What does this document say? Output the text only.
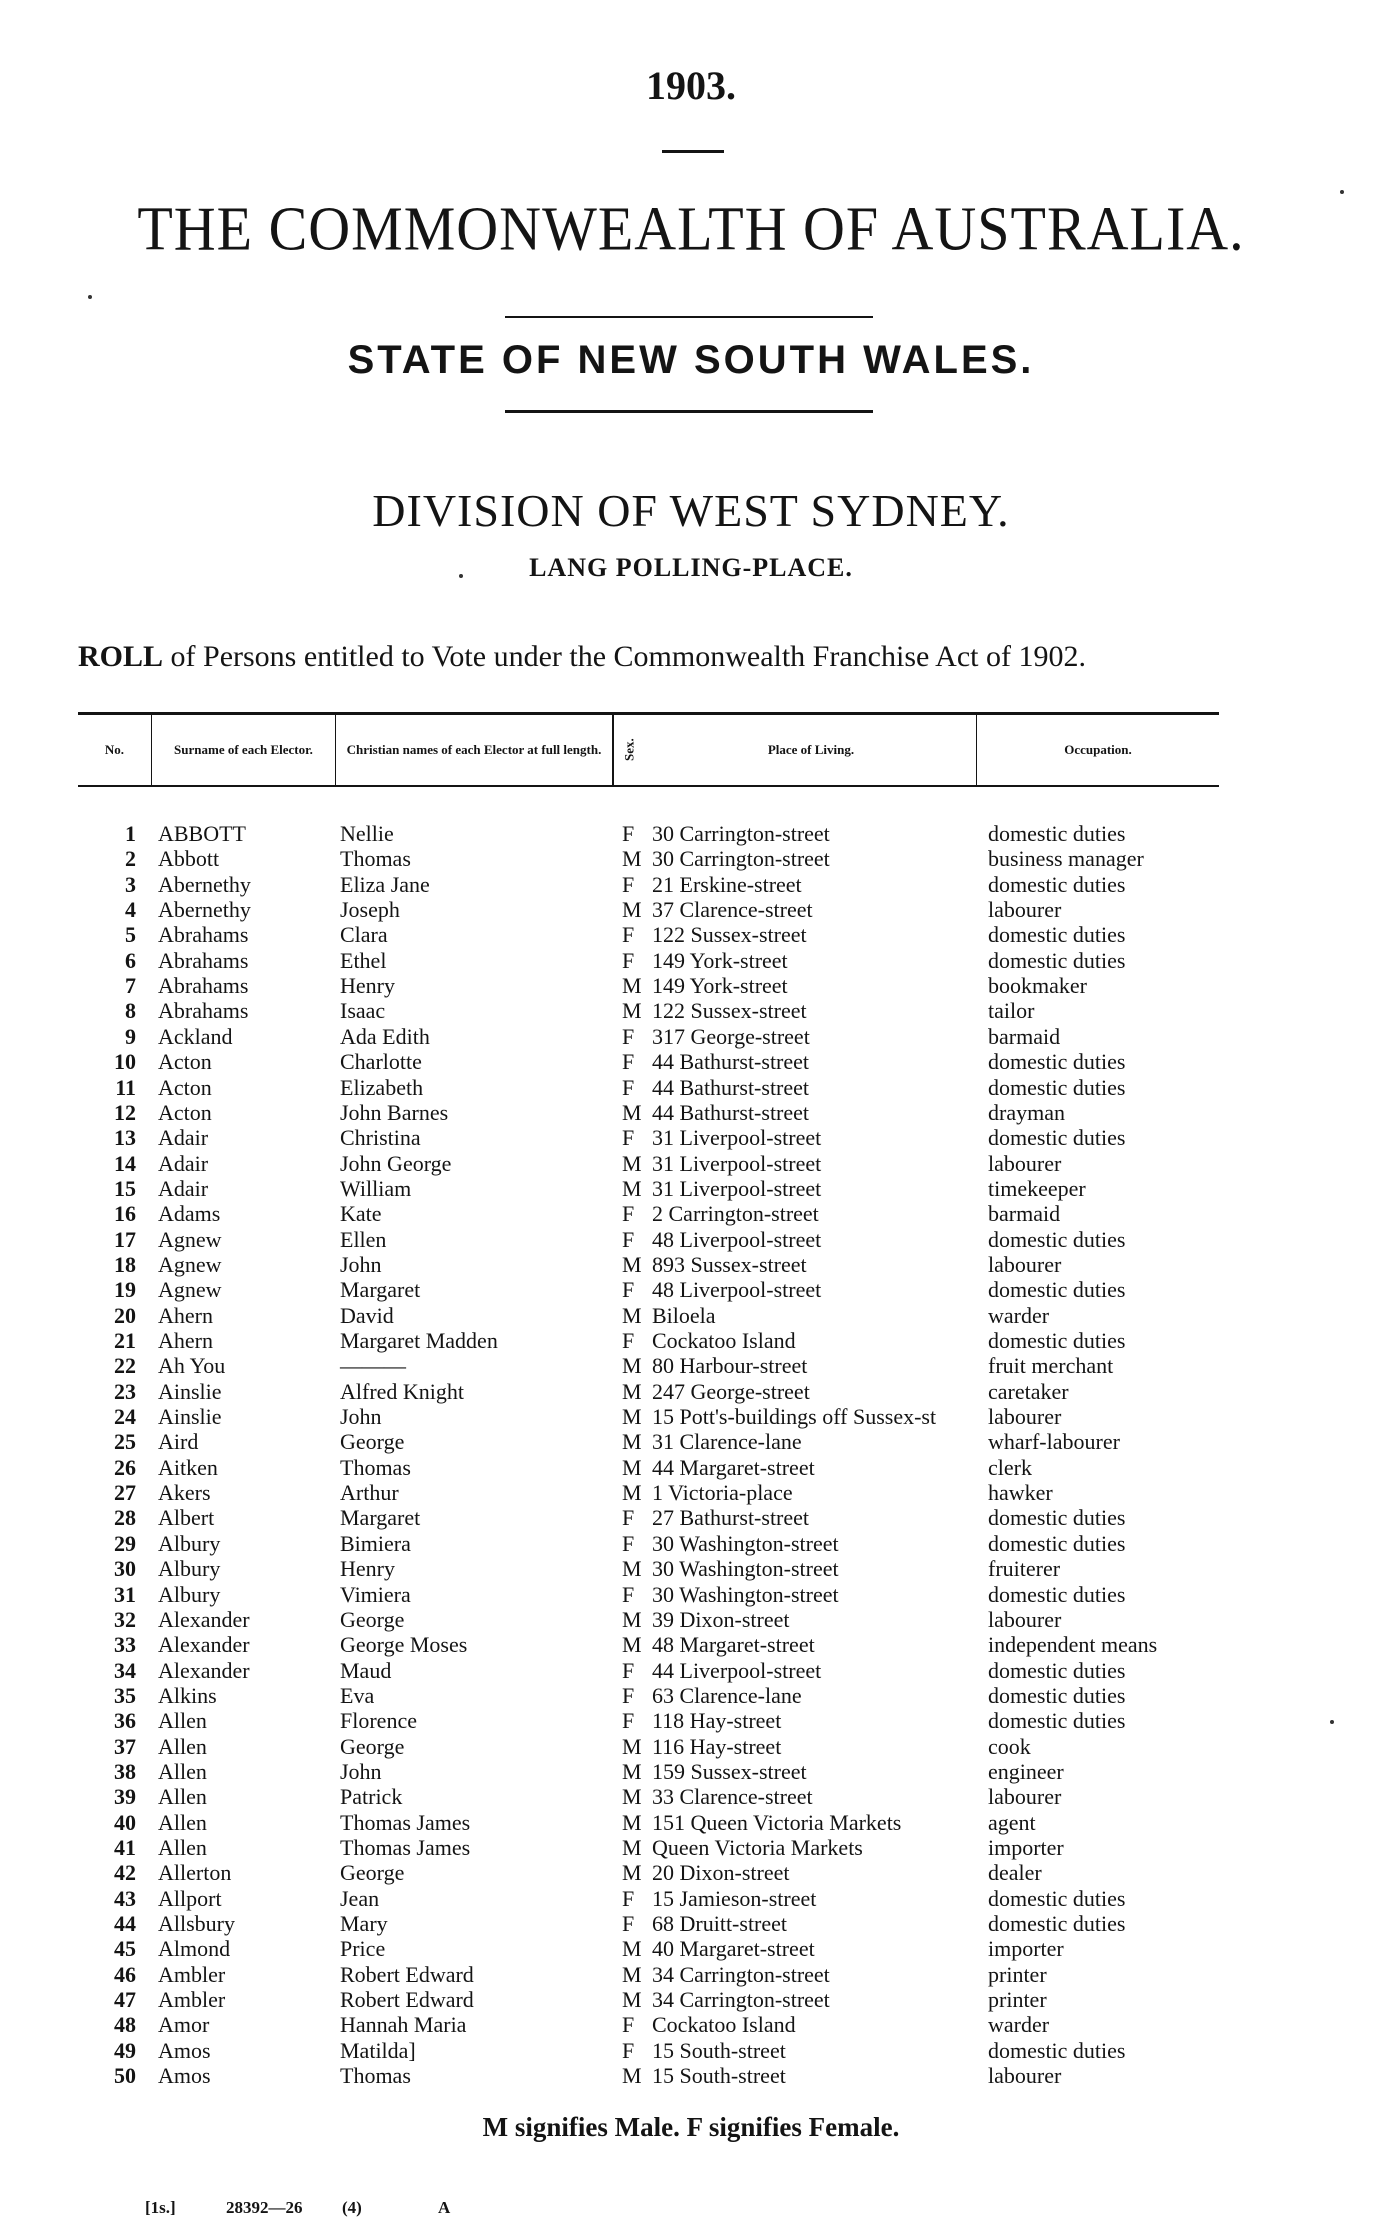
1903.
THE COMMONWEALTH OF AUSTRALIA.
STATE OF NEW SOUTH WALES.
DIVISION OF WEST SYDNEY.
LANG POLLING-PLACE.
ROLL of Persons entitled to Vote under the Commonwealth Franchise Act of 1902.
No.	Surname of each Elector.	Christian names of each Elector at full length.	Sex.	Place of Living.	Occupation.
1 ABBOTT	Nellie	F 30 Carrington-street	domestic duties
2 Abbott	Thomas	M 30 Carrington-street	business manager
3 Abernethy	Eliza Jane	F 21 Erskine-street	domestic duties
4 Abernethy	Joseph	M 37 Clarence-street	labourer
5 Abrahams	Clara	F 122 Sussex-street	domestic duties
6 Abrahams	Ethel	F 149 York-street	domestic duties
7 Abrahams	Henry	M 149 York-street	bookmaker
8 Abrahams	Isaac	M 122 Sussex-street	tailor
9 Ackland	Ada Edith	F 317 George-street	barmaid
10 Acton	Charlotte	F 44 Bathurst-street	domestic duties
11 Acton	Elizabeth	F 44 Bathurst-street	domestic duties
12 Acton	John Barnes	M 44 Bathurst-street	drayman
13 Adair	Christina	F 31 Liverpool-street	domestic duties
14 Adair	John George	M 31 Liverpool-street	labourer
15 Adair	William	M 31 Liverpool-street	timekeeper
16 Adams	Kate	F 2 Carrington-street	barmaid
17 Agnew	Ellen	F 48 Liverpool-street	domestic duties
18 Agnew	John	M 893 Sussex-street	labourer
19 Agnew	Margaret	F 48 Liverpool-street	domestic duties
20 Ahern	David	M Biloela	warder
21 Ahern	Margaret Madden	F Cockatoo Island	domestic duties
22 Ah You	———	M 80 Harbour-street	fruit merchant
23 Ainslie	Alfred Knight	M 247 George-street	caretaker
24 Ainslie	John	M 15 Pott's-buildings off Sussex-st labourer
25 Aird	George	M 31 Clarence-lane	wharf-labourer
26 Aitken	Thomas	M 44 Margaret-street	clerk
27 Akers	Arthur	M 1 Victoria-place	hawker
28 Albert	Margaret	F 27 Bathurst-street	domestic duties
29 Albury	Bimiera	F 30 Washington-street	domestic duties
30 Albury	Henry	M 30 Washington-street	fruiterer
31 Albury	Vimiera	F 30 Washington-street	domestic duties
32 Alexander	George	M 39 Dixon-street	labourer
33 Alexander	George Moses	M 48 Margaret-street	independent means
34 Alexander	Maud	F 44 Liverpool-street	domestic duties
35 Alkins	Eva	F 63 Clarence-lane	domestic duties
36 Allen	Florence	F 118 Hay-street	domestic duties
37 Allen	George	M 116 Hay-street	cook
38 Allen	John	M 159 Sussex-street	engineer
39 Allen	Patrick	M 33 Clarence-street	labourer
40 Allen	Thomas James	M 151 Queen Victoria Markets	agent
41 Allen	Thomas James	M Queen Victoria Markets	importer
42 Allerton	George	M 20 Dixon-street	dealer
43 Allport	Jean	F 15 Jamieson-street	domestic duties
44 Allsbury	Mary	F 68 Druitt-street	domestic duties
45 Almond	Price	M 40 Margaret-street	importer
46 Ambler	Robert Edward	M 34 Carrington-street	printer
47 Ambler	Robert Edward	M 34 Carrington-street	printer
48 Amor	Hannah Maria	F Cockatoo Island	warder
49 Amos	Matilda]	F 15 South-street	domestic duties
50 Amos	Thomas	M 15 South-street	labourer
M signifies Male. F signifies Female.
[1s.]	28392—26 (4)	A
